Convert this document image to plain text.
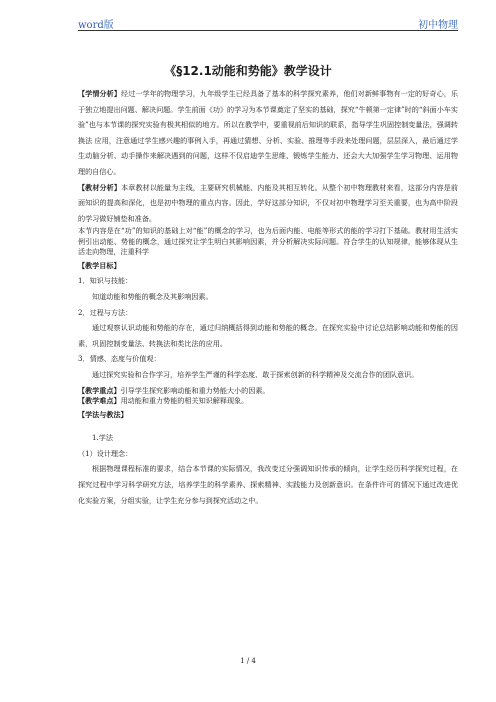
word版	初中物理
《§12.1动能和势能》教学设计

【学情分析】经过一学年的物理学习，九年级学生已经具备了基本的科学探究素养，他们对新鲜事物有一定的好奇心，乐于独立地提出问题、解决问题。学生前面《功》的学习为本节课奠定了坚实的基础，探究“牛顿第一定律”时的“斜面小车实验”也与本节课的探究实验有极其相似的地方。所以在教学中，要重视前后知识的联系，指导学生巩固控制变量法，强调转换法 应用，注意通过学生感兴趣的事例入手，再通过猜想、分析、实验、推理等手段来处理问题，层层深入，最后通过学生动脑分析、动手操作来解决遇到的问题，这样不仅启迪学生思维、锻炼学生能力、还会大大加强学生学习物理、运用物理的自信心。

【教材分析】本章教材以能量为主线，主要研究机械能、内能及其相互转化。从整个初中物理教材来看，这部分内容是前面知识的提高和深化，也是初中物理的重点内容。因此，学好这部分知识，不仅对初中物理学习至关重要，也为高中阶段的学习做好铺垫和准备。

本节内容是在“功”的知识的基础上对“能”的概念的学习，也为后面内能、电能等形式的能的学习打下基础。教材用生活实例引出动能、势能的概念，通过探究让学生明白其影响因素，并分析解决实际问题。符合学生的认知规律，能够体现从生活走向物理，注重科学

【教学目标】

1．知识与技能：

知道动能和势能的概念及其影响因素。

2．过程与方法：

通过观察认识动能和势能的存在，通过归纳概括得到动能和势能的概念。在探究实验中讨论总结影响动能和势能的因素，巩固控制变量法、转换法和类比法的应用。

3．情感、态度与价值观：

通过探究实验和合作学习，培养学生严谨的科学态度、敢于探索创新的科学精神及交流合作的团队意识。

【教学重点】引导学生探究影响动能和重力势能大小的因素。

【教学难点】用动能和重力势能的相关知识解释现象。

【学法与教法】

1.学法

（1）设计理念：

根据物理课程标准的要求，结合本节课的实际情况，我改变过分强调知识传承的倾向，让学生经历科学探究过程，在探究过程中学习科学研究方法，培养学生的科学素养、探索精神、实践能力及创新意识。在条件许可的情况下通过改进优化实验方案，分组实验，让学生充分参与到探究活动之中。

1 / 4
